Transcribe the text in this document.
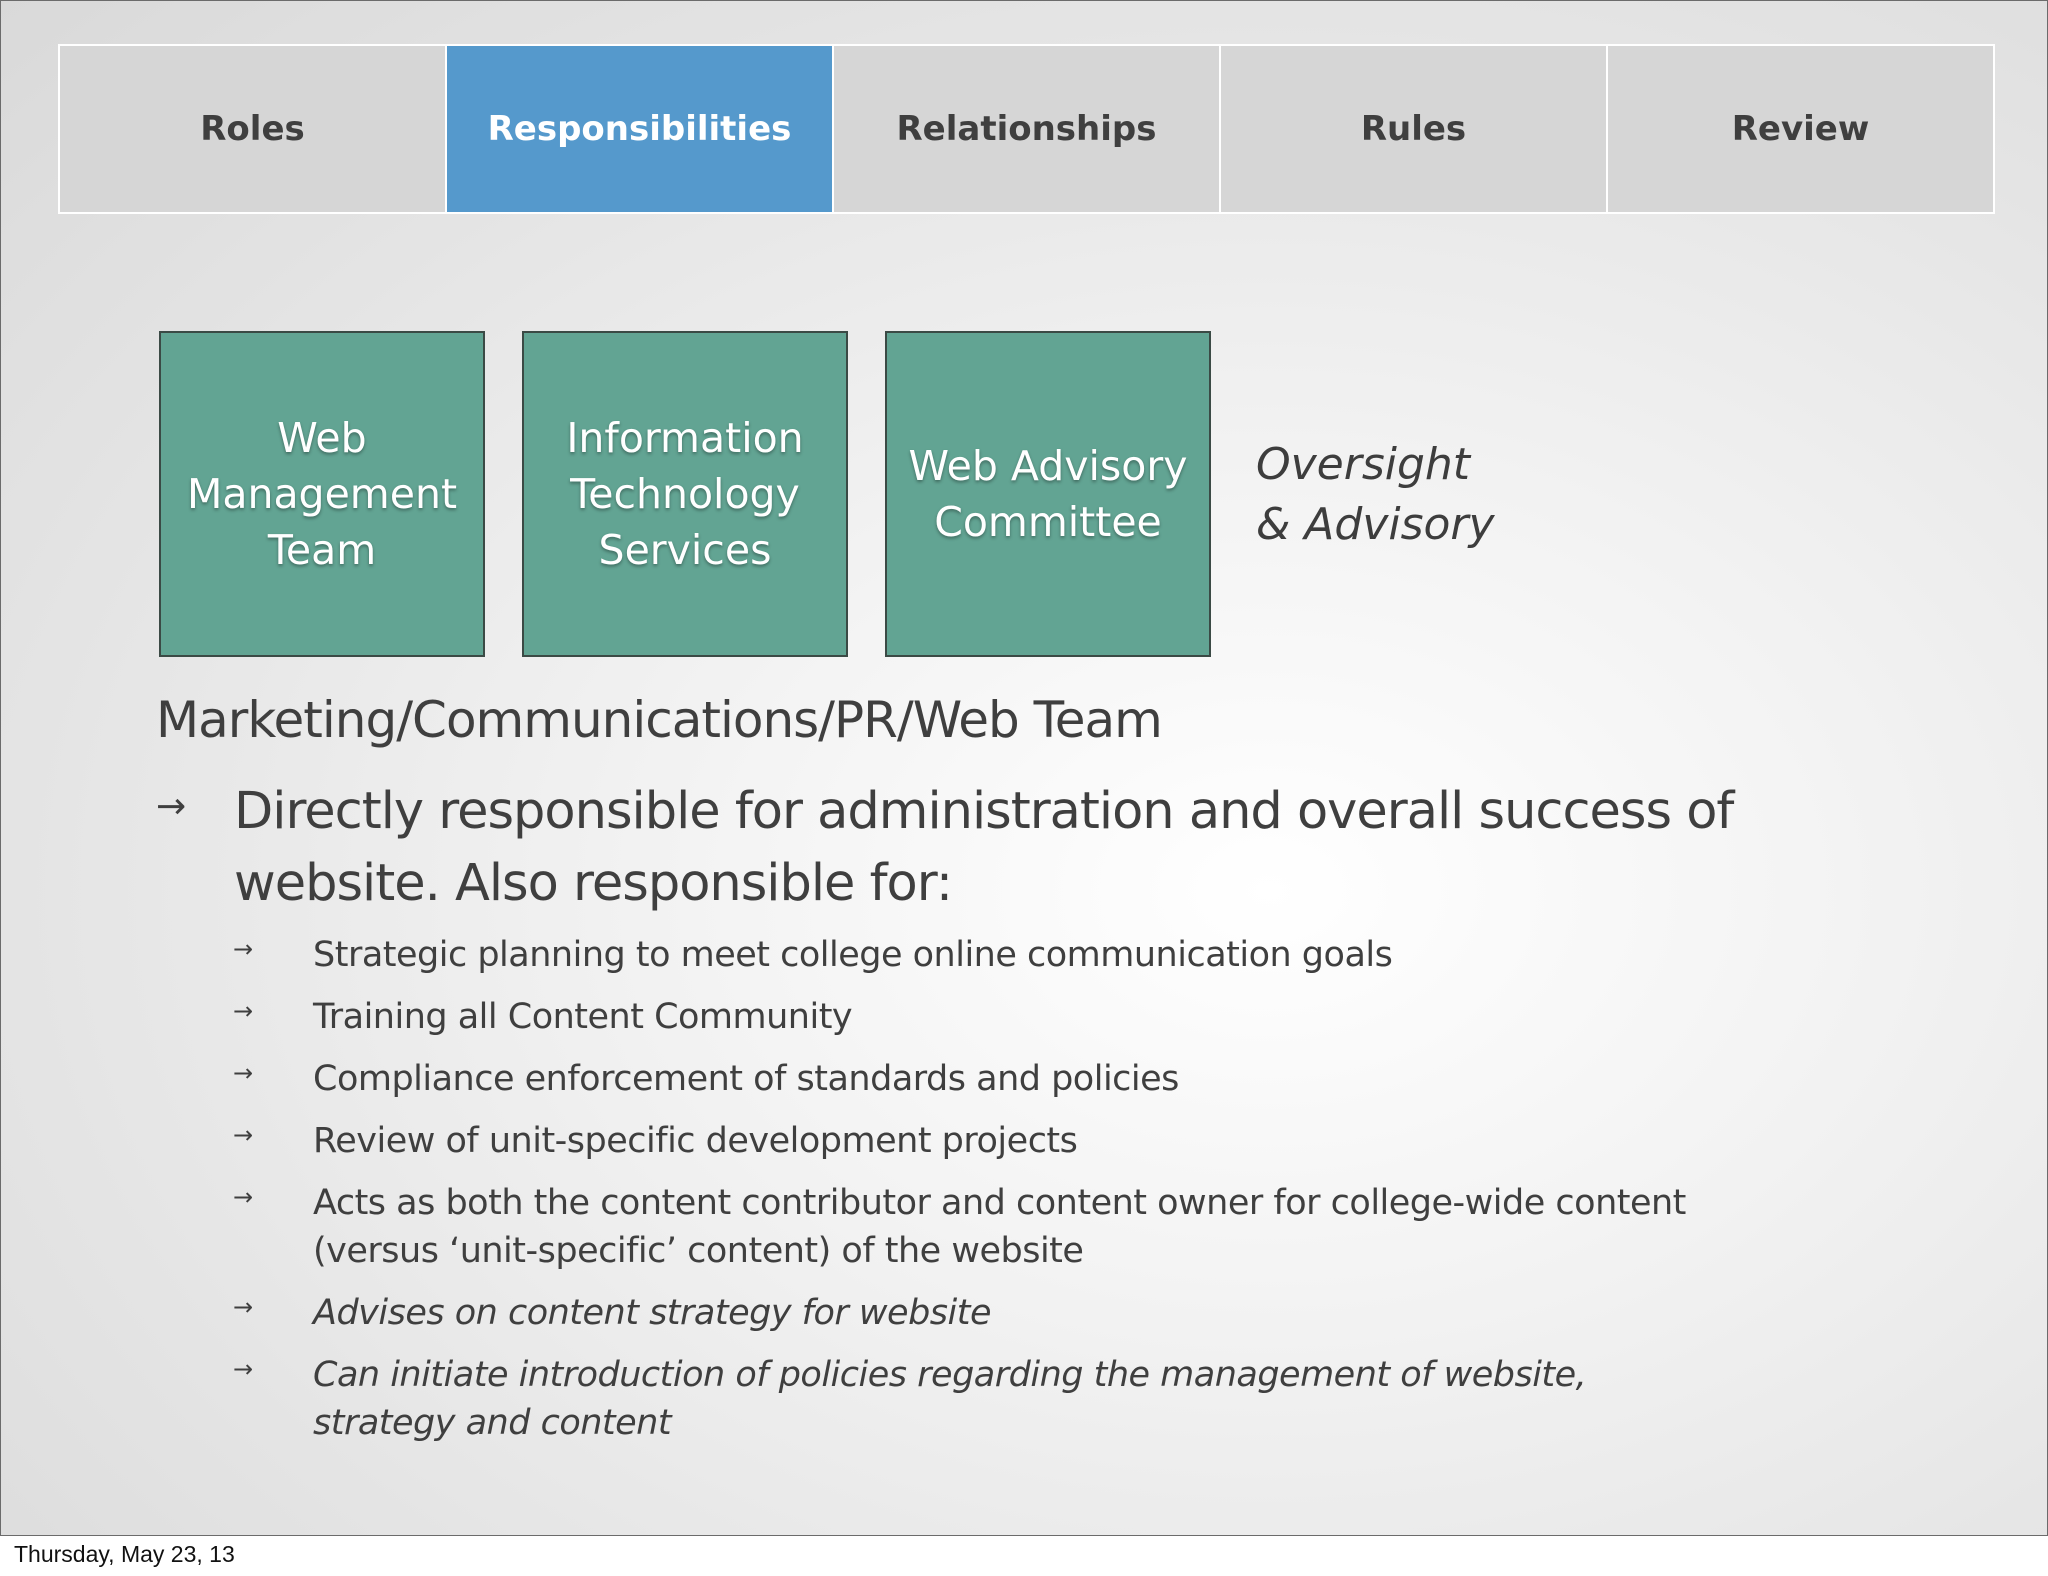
Roles	Responsibilities	Relationships	Rules	Review
Web
Management
Team
Information
Technology
Services
Web Advisory
Committee
Oversight
& Advisory
Marketing/Communications/PR/Web Team
→ Directly responsible for administration and overall success of website. Also responsible for:
→ Strategic planning to meet college online communication goals
→ Training all Content Community
→ Compliance enforcement of standards and policies
→ Review of unit-specific development projects
→ Acts as both the content contributor and content owner for college-wide content (versus ‘unit-specific’ content) of the website
→ Advises on content strategy for website
→ Can initiate introduction of policies regarding the management of website, strategy and content
Thursday, May 23, 13
